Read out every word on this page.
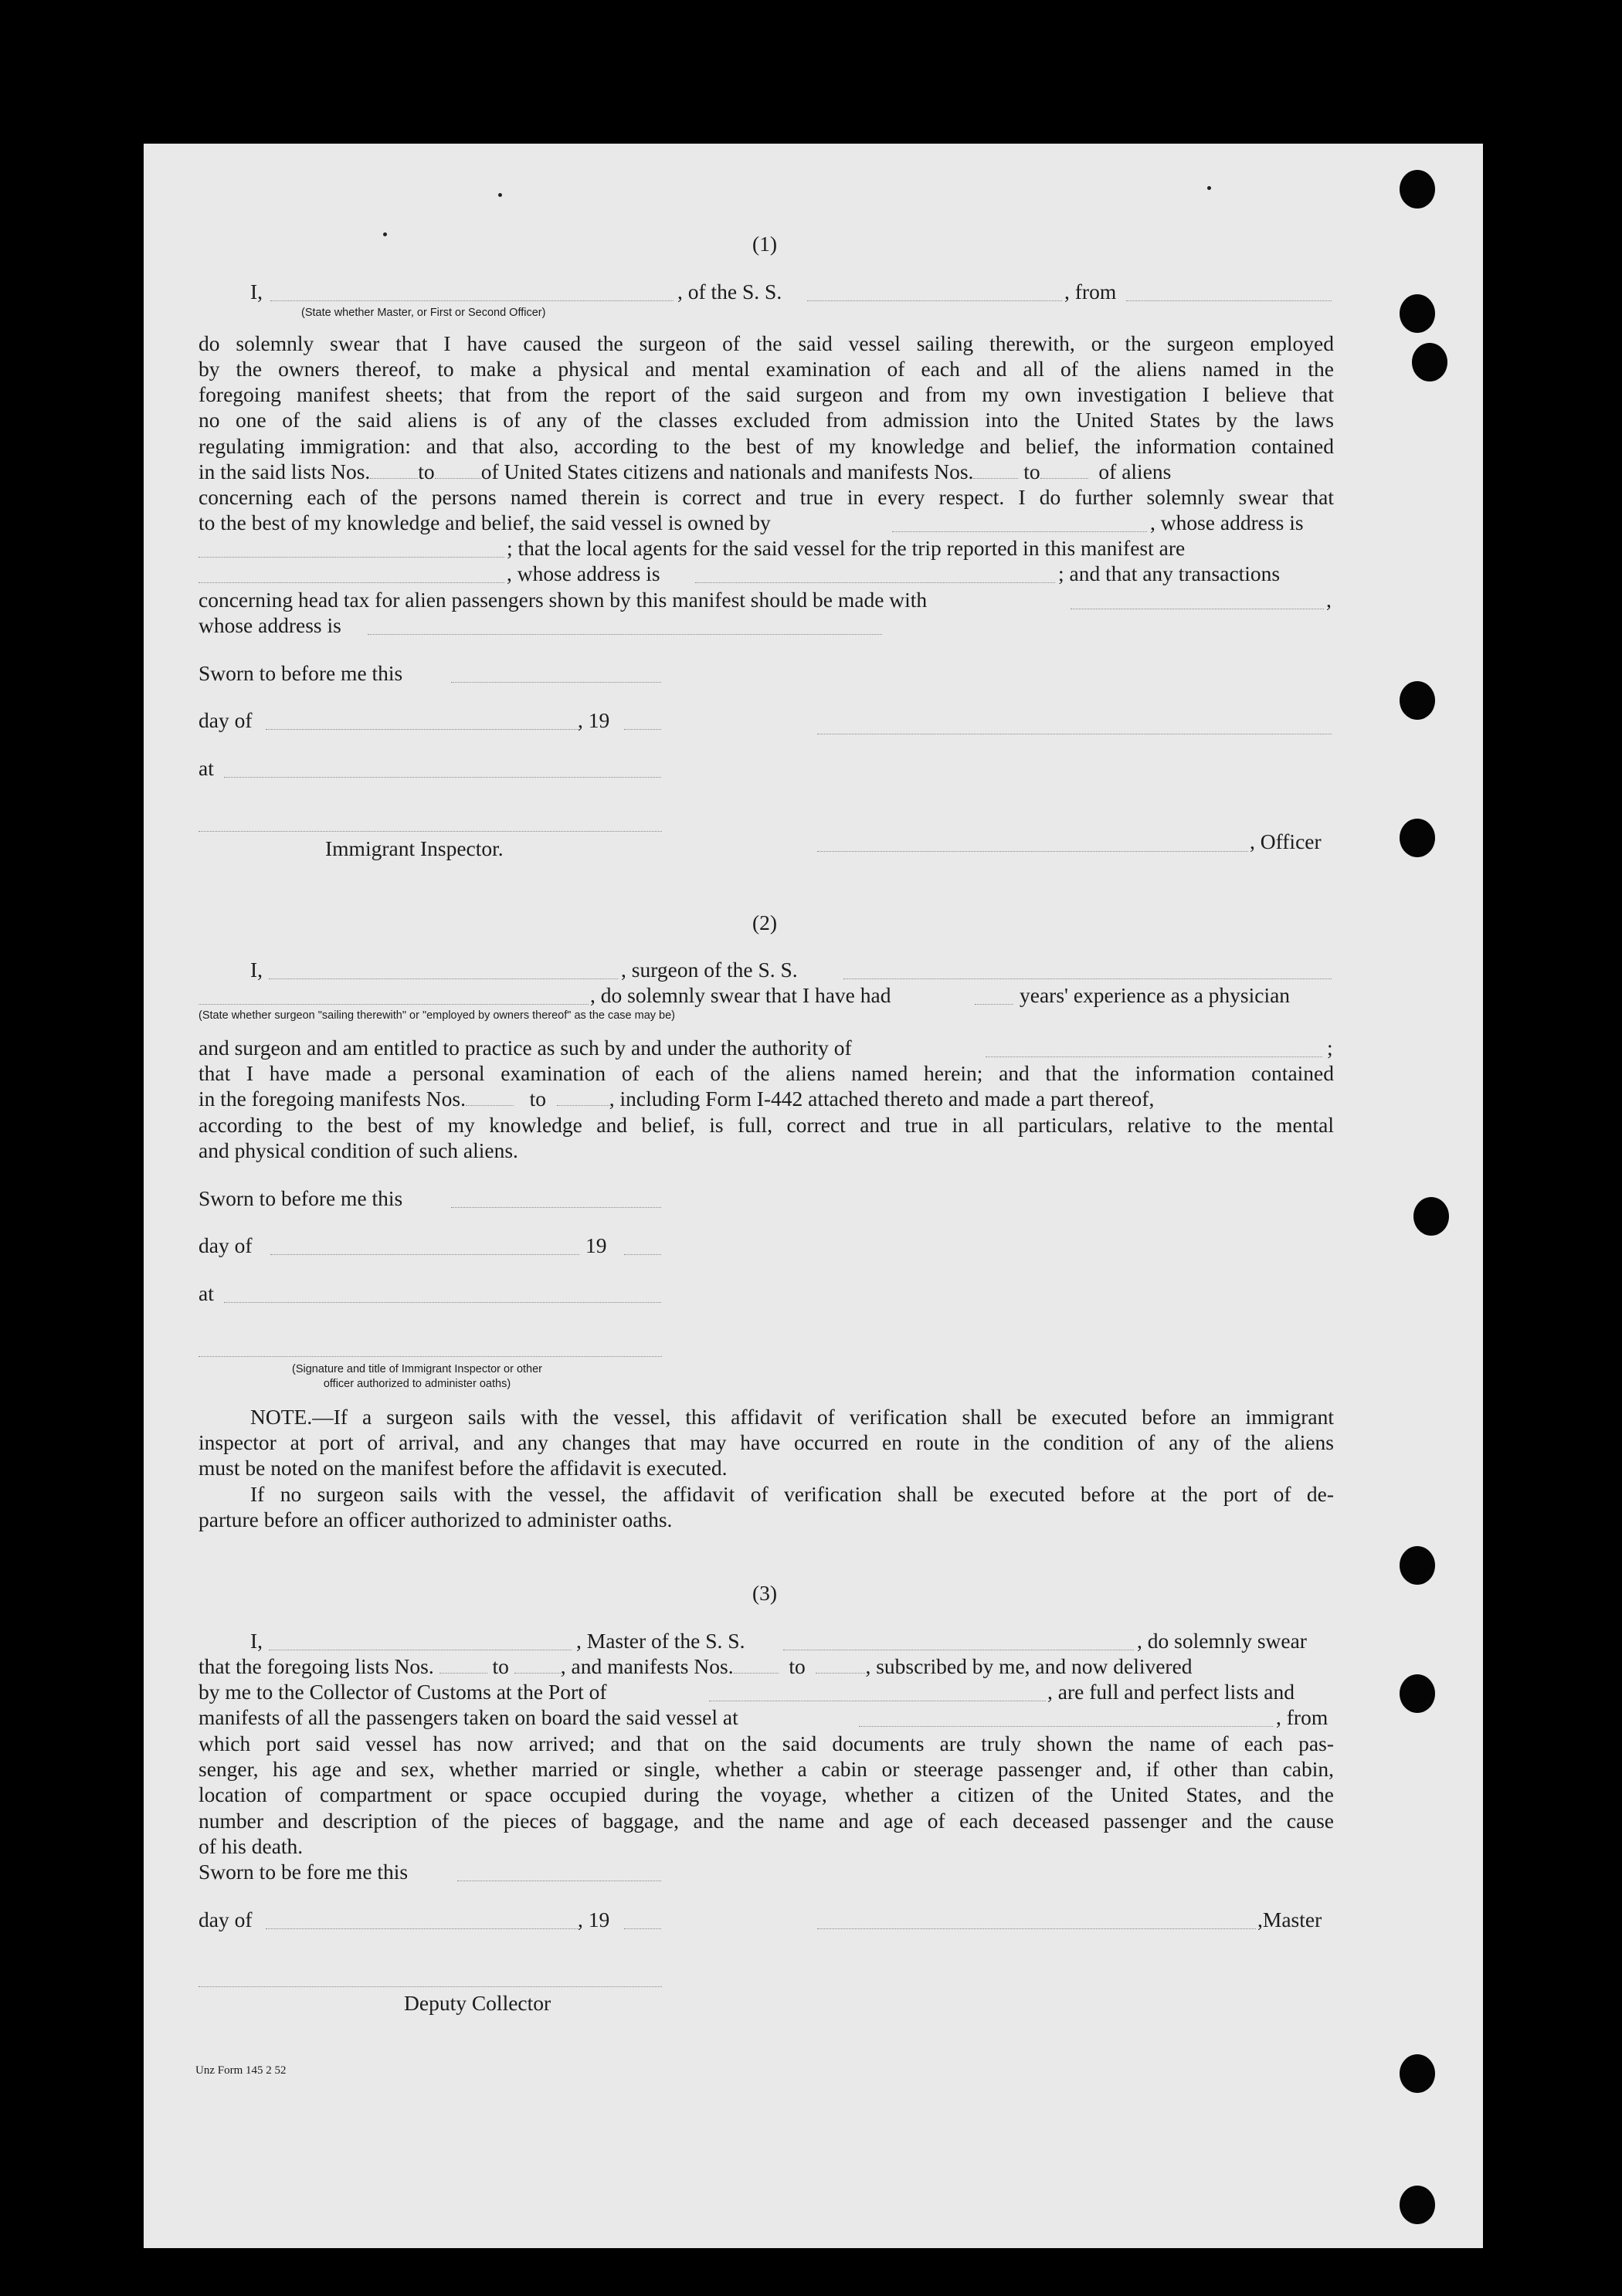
(1)
I,	, of the S. S.	, from
(State whether Master, or First or Second Officer)
do solemnly swear that I have caused the surgeon of the said vessel sailing therewith, or the surgeon employed
by the owners thereof, to make a physical and mental examination of each and all of the aliens named in the
foregoing manifest sheets; that from the report of the said surgeon and from my own investigation I believe that
no one of the said aliens is of any of the classes excluded from admission into the United States by the laws
regulating immigration: and that also, according to the best of my knowledge and belief, the information contained
in the said lists Nos. to of United States citizens and nationals and manifests Nos. to	of aliens
concerning each of the persons named therein is correct and true in every respect. I do further solemnly swear that
to the best of my knowledge and belief, the said vessel is owned by	, whose address is
; that the local agents for the said vessel for the trip reported in this manifest are
, whose address is	; and that any transactions
concerning head tax for alien passengers shown by this manifest should be made with	,
whose address is
Sworn to before me this
day of	, 19
at
Immigrant Inspector.	, Officer
(2)
I,	, surgeon of the S. S.
, do solemnly swear that I have had	years' experience as a physician
(State whether surgeon "sailing therewith" or "employed by owners thereof" as the case may be)
and surgeon and am entitled to practice as such by and under the authority of	;
that I have made a personal examination of each of the aliens named herein; and that the information contained
in the foregoing manifests Nos.	to	, including Form I-442 attached thereto and made a part thereof,
according to the best of my knowledge and belief, is full, correct and true in all particulars, relative to the mental
and physical condition of such aliens.
Sworn to before me this
day of	19
at
(Signature and title of Immigrant Inspector or other
officer authorized to administer oaths)
NOTE.—If a surgeon sails with the vessel, this affidavit of verification shall be executed before an immigrant
inspector at port of arrival, and any changes that may have occurred en route in the condition of any of the aliens
must be noted on the manifest before the affidavit is executed.
If no surgeon sails with the vessel, the affidavit of verification shall be executed before at the port of de-
parture before an officer authorized to administer oaths.
(3)
I,	, Master of the S. S.	, do solemnly swear
that the foregoing lists Nos.	to , and manifests Nos.	to	, subscribed by me, and now delivered
by me to the Collector of Customs at the Port of	, are full and perfect lists and
manifests of all the passengers taken on board the said vessel at	, from
which port said vessel has now arrived; and that on the said documents are truly shown the name of each pas-
senger, his age and sex, whether married or single, whether a cabin or steerage passenger and, if other than cabin,
location of compartment or space occupied during the voyage, whether a citizen of the United States, and the
number and description of the pieces of baggage, and the name and age of each deceased passenger and the cause
of his death.
Sworn to be fore me this
day of	, 19	,Master
Deputy Collector
Unz Form 145 2 52
